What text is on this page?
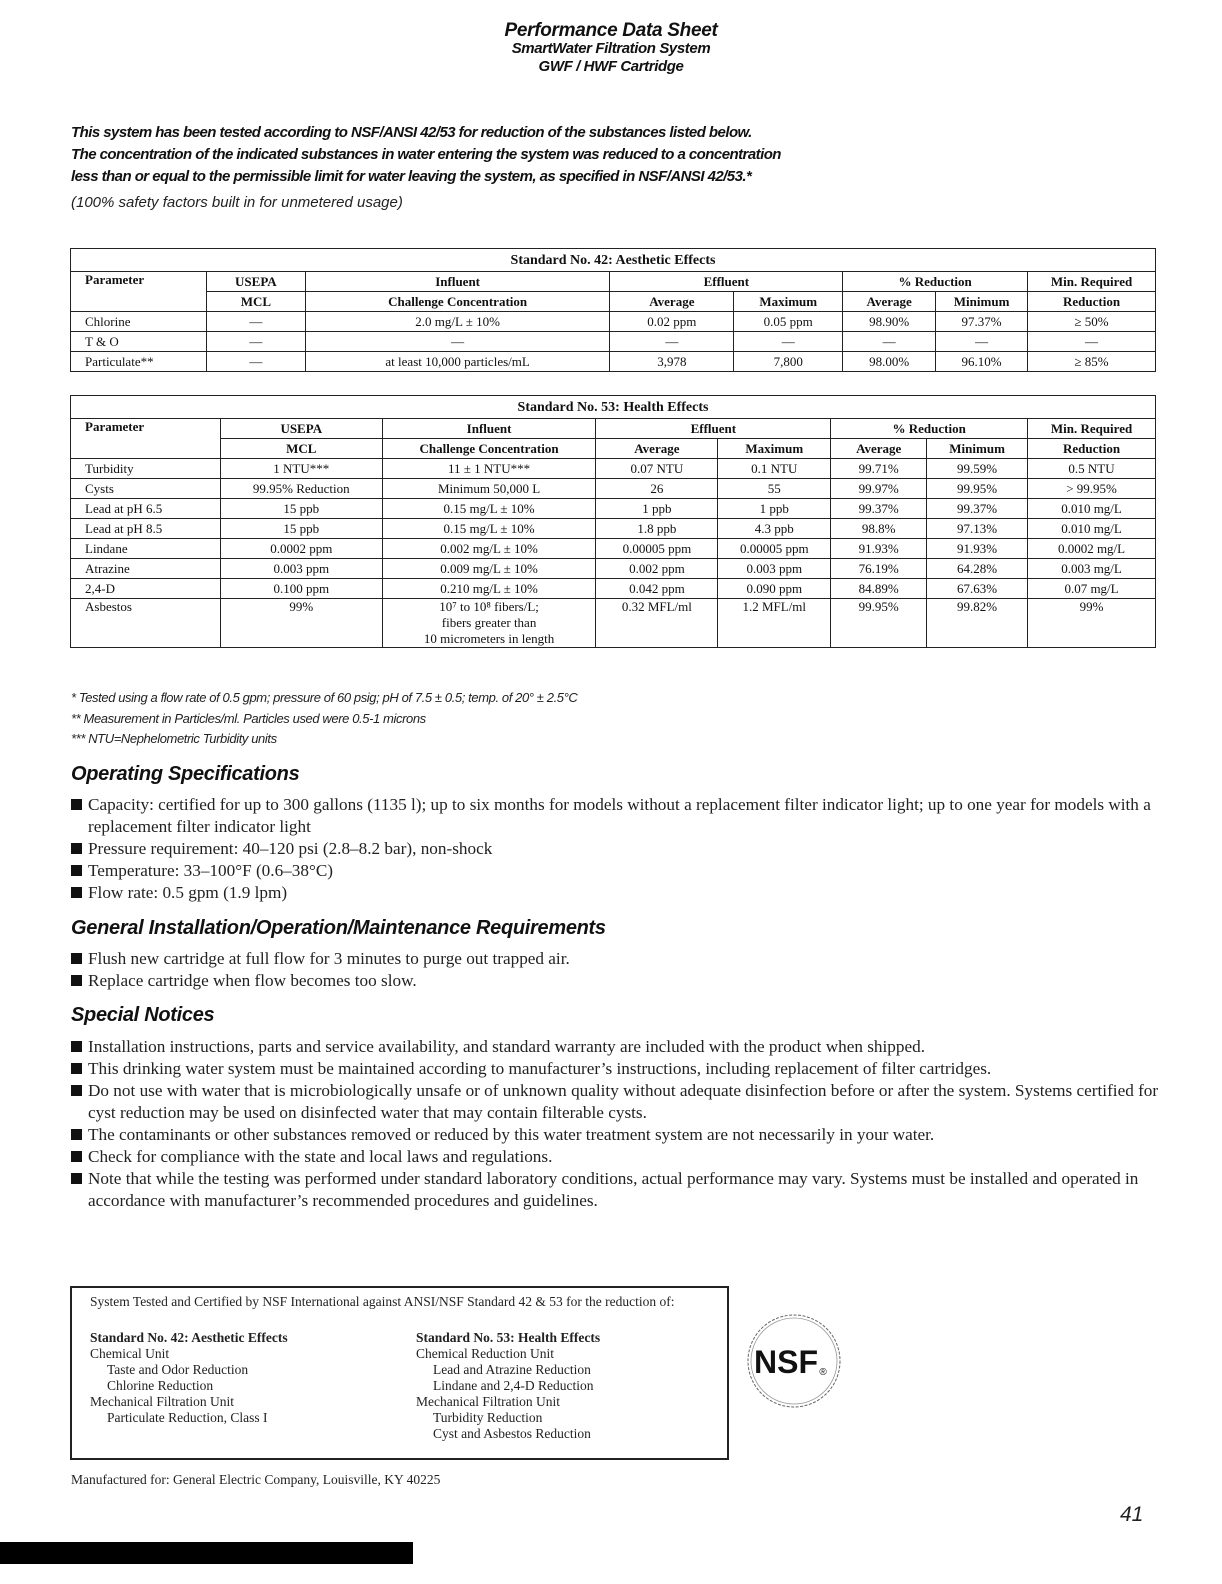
Performance Data Sheet
SmartWater Filtration System
GWF / HWF Cartridge
This system has been tested according to NSF/ANSI 42/53 for reduction of the substances listed below.
The concentration of the indicated substances in water entering the system was reduced to a concentration
less than or equal to the permissible limit for water leaving the system, as specified in NSF/ANSI 42/53.*
(100% safety factors built in for unmetered usage)
Standard No. 42: Aesthetic Effects							
Parameter	USEPA	Influent	Effluent		% Reduction		Min. Required
	MCL	Challenge Concentration	Average	Maximum	Average	Minimum	Reduction
Chlorine	—	2.0 mg/L ± 10%	0.02 ppm	0.05 ppm	98.90%	97.37%	≥ 50%
T & O	—	—	—	—	—	—	—
Particulate**	—	at least 10,000 particles/mL	3,978	7,800	98.00%	96.10%	≥ 85%
Standard No. 53: Health Effects							
Parameter	USEPA	Influent	Effluent		% Reduction		Min. Required
	MCL	Challenge Concentration	Average	Maximum	Average	Minimum	Reduction
Turbidity	1 NTU***	11 ± 1 NTU***	0.07 NTU	0.1 NTU	99.71%	99.59%	0.5 NTU
Cysts	99.95% Reduction	Minimum 50,000 L	26	55	99.97%	99.95%	> 99.95%
Lead at pH 6.5	15 ppb	0.15 mg/L ± 10%	1 ppb	1 ppb	99.37%	99.37%	0.010 mg/L
Lead at pH 8.5	15 ppb	0.15 mg/L ± 10%	1.8 ppb	4.3 ppb	98.8%	97.13%	0.010 mg/L
Lindane	0.0002 ppm	0.002 mg/L ± 10%	0.00005 ppm	0.00005 ppm	91.93%	91.93%	0.0002 mg/L
Atrazine	0.003 ppm	0.009 mg/L ± 10%	0.002 ppm	0.003 ppm	76.19%	64.28%	0.003 mg/L
2,4-D	0.100 ppm	0.210 mg/L ± 10%	0.042 ppm	0.090 ppm	84.89%	67.63%	0.07 mg/L
Asbestos	99%	10⁷ to 10⁸ fibers/L;
fibers greater than
10 micrometers in length	0.32 MFL/ml	1.2 MFL/ml	99.95%	99.82%	99%
* Tested using a flow rate of 0.5 gpm; pressure of 60 psig; pH of 7.5 ± 0.5; temp. of 20° ± 2.5°C
** Measurement in Particles/ml. Particles used were 0.5-1 microns
*** NTU=Nephelometric Turbidity units
Operating Specifications
Capacity: certified for up to 300 gallons (1135 l); up to six months for models without a replacement filter indicator light; up to one year for models with a replacement filter indicator light
Pressure requirement: 40–120 psi (2.8–8.2 bar), non-shock
Temperature: 33–100°F (0.6–38°C)
Flow rate: 0.5 gpm (1.9 lpm)
General Installation/Operation/Maintenance Requirements
Flush new cartridge at full flow for 3 minutes to purge out trapped air.
Replace cartridge when flow becomes too slow.
Special Notices
Installation instructions, parts and service availability, and standard warranty are included with the product when shipped.
This drinking water system must be maintained according to manufacturer’s instructions, including replacement of filter cartridges.
Do not use with water that is microbiologically unsafe or of unknown quality without adequate disinfection before or after the system. Systems certified for cyst reduction may be used on disinfected water that may contain filterable cysts.
The contaminants or other substances removed or reduced by this water treatment system are not necessarily in your water.
Check for compliance with the state and local laws and regulations.
Note that while the testing was performed under standard laboratory conditions, actual performance may vary. Systems must be installed and operated in accordance with manufacturer’s recommended procedures and guidelines.
System Tested and Certified by NSF International against ANSI/NSF Standard 42 & 53 for the reduction of:
Standard No. 42: Aesthetic Effects
Chemical Unit
Taste and Odor Reduction
Chlorine Reduction
Mechanical Filtration Unit
Particulate Reduction, Class I
Standard No. 53: Health Effects
Chemical Reduction Unit
Lead and Atrazine Reduction
Lindane and 2,4-D Reduction
Mechanical Filtration Unit
Turbidity Reduction
Cyst and Asbestos Reduction
NSF ®
Manufactured for: General Electric Company, Louisville, KY 40225
41
